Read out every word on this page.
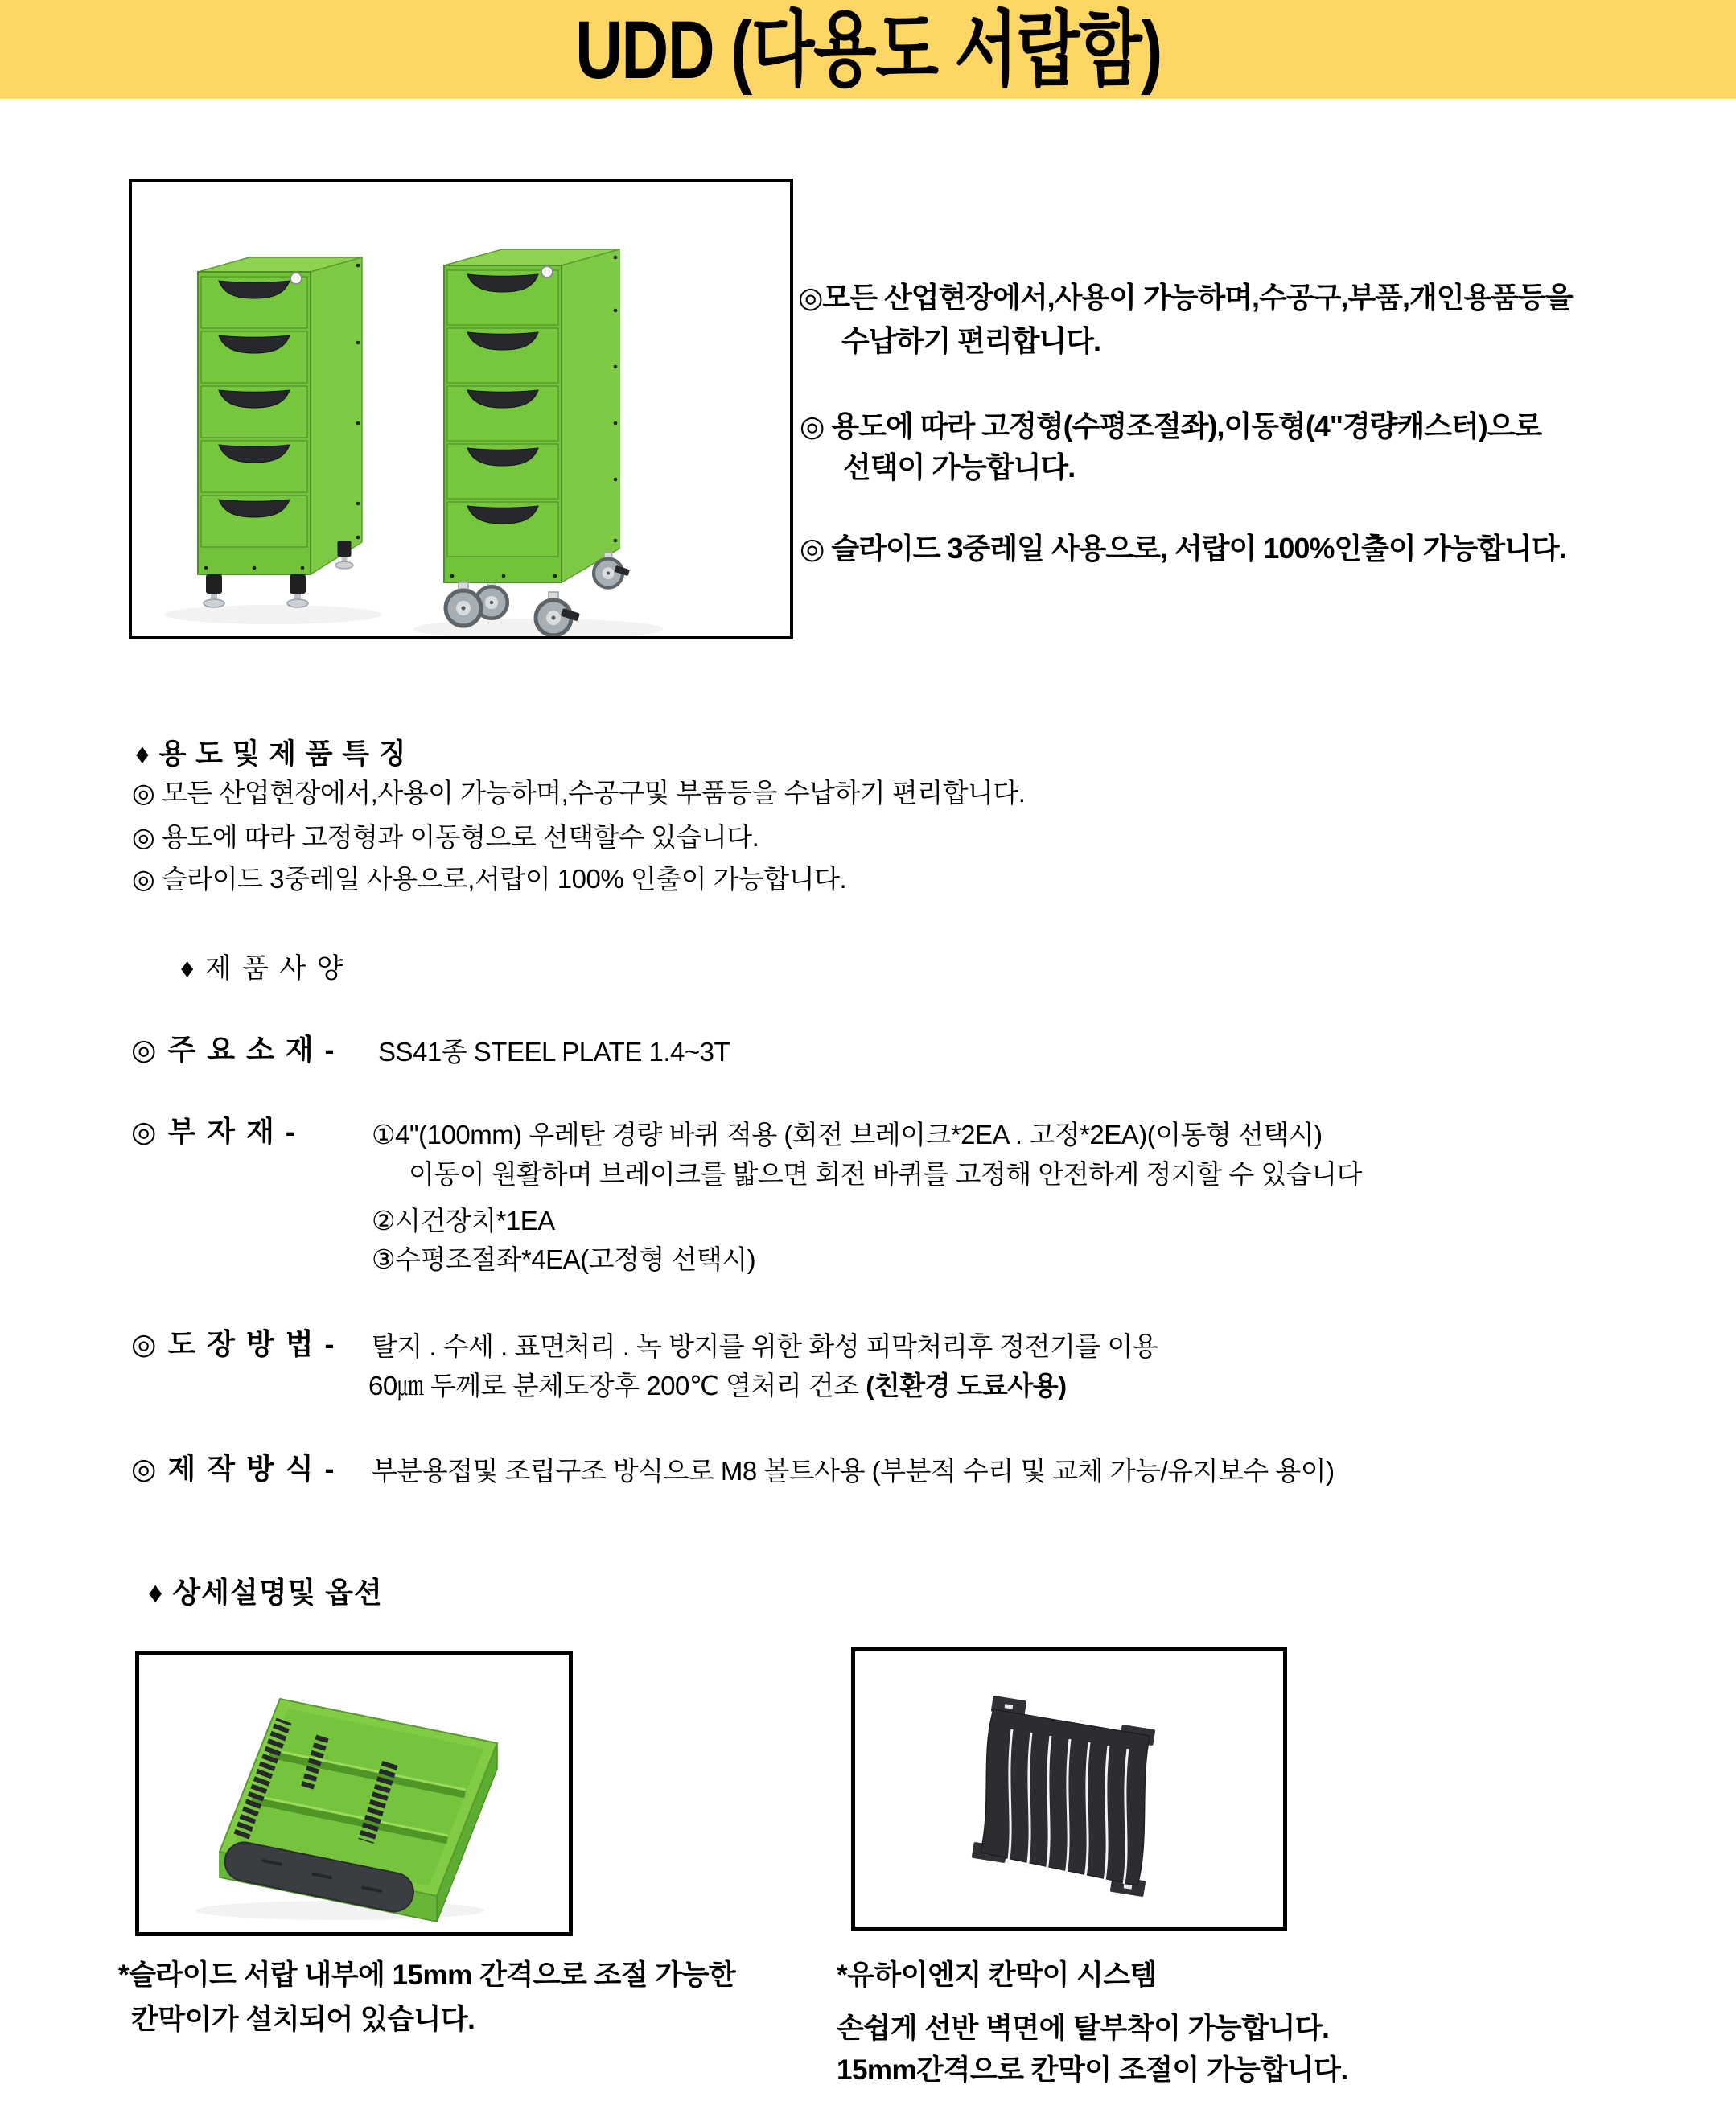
UDD (다용도 서랍함)
◎모든 산업현장에서,사용이 가능하며,수공구,부품,개인용품등을
수납하기 편리합니다.
◎ 용도에 따라 고정형(수평조절좌),이동형(4"경량캐스터)으로
선택이 가능합니다.
◎ 슬라이드 3중레일 사용으로, 서랍이 100%인출이 가능합니다.
♦ 용 도 및 제 품 특 징
◎ 모든 산업현장에서,사용이 가능하며,수공구및 부품등을 수납하기 편리합니다.
◎ 용도에 따라 고정형과 이동형으로 선택할수 있습니다.
◎ 슬라이드 3중레일 사용으로,서랍이 100% 인출이 가능합니다.
♦ 제 품 사 양
◎ 주 요 소 재 - SS41종 STEEL PLATE 1.4~3T
◎ 부 자 재 -	①4"(100mm) 우레탄 경량 바퀴 적용 (회전 브레이크*2EA . 고정*2EA)(이동형 선택시)
이동이 원활하며 브레이크를 밟으면 회전 바퀴를 고정해 안전하게 정지할 수 있습니다
②시건장치*1EA
③수평조절좌*4EA(고정형 선택시)
◎ 도 장 방 법 - 탈지 . 수세 . 표면처리 . 녹 방지를 위한 화성 피막처리후 정전기를 이용
60㎛ 두께로 분체도장후 200℃ 열처리 건조 (친환경 도료사용)
◎ 제 작 방 식 - 부분용접및 조립구조 방식으로 M8 볼트사용 (부분적 수리 및 교체 가능/유지보수 용이)
♦ 상세설명및 옵션
*슬라이드 서랍 내부에 15mm 간격으로 조절 가능한
칸막이가 설치되어 있습니다.
*유하이엔지 칸막이 시스템
손쉽게 선반 벽면에 탈부착이 가능합니다.
15mm간격으로 칸막이 조절이 가능합니다.
